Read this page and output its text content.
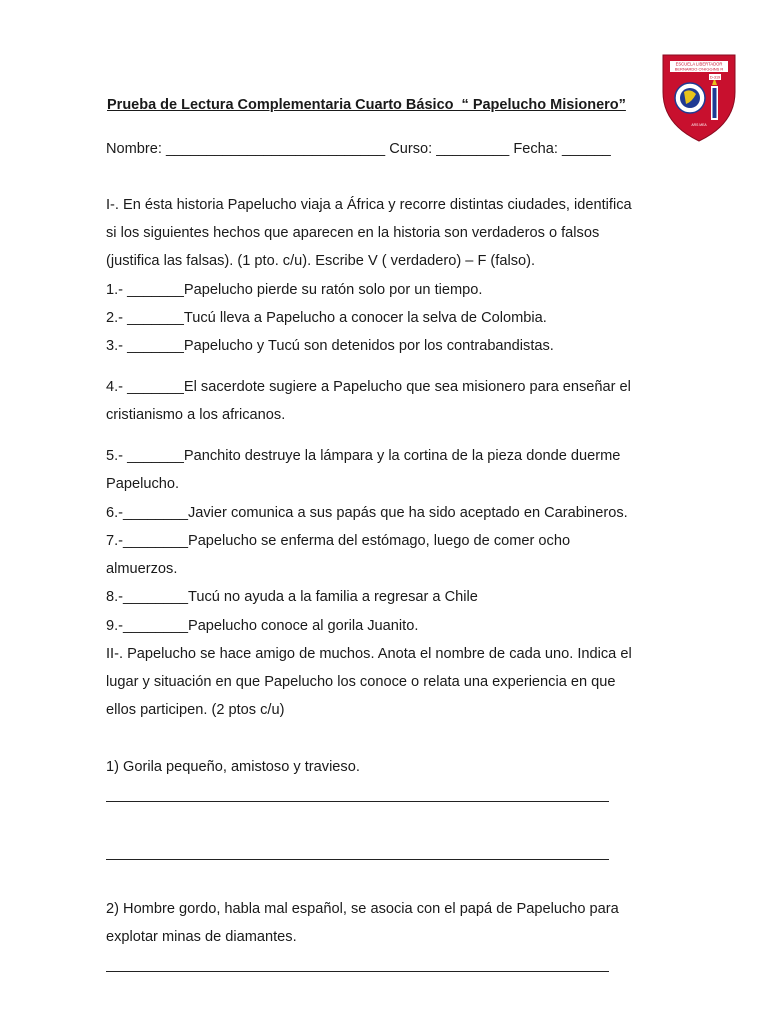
ESCUELA LIBERTADOR
BERNARDO O'HIGGINS R
D-319
ARS MEA
Prueba de Lectura Complementaria Cuarto Básico  “ Papelucho Misionero”
Nombre: ___________________________ Curso: _________ Fecha: ______
I-. En ésta historia Papelucho viaja a África y recorre distintas ciudades, identifica
si los siguientes hechos que aparecen en la historia son verdaderos o falsos
(justifica las falsas). (1 pto. c/u). Escribe V ( verdadero) – F (falso).
1.- _______Papelucho pierde su ratón solo por un tiempo.
2.- _______Tucú lleva a Papelucho a conocer la selva de Colombia.
3.- _______Papelucho y Tucú son detenidos por los contrabandistas.
4.- _______El sacerdote sugiere a Papelucho que sea misionero para enseñar el
cristianismo a los africanos.
5.- _______Panchito destruye la lámpara y la cortina de la pieza donde duerme
Papelucho.
6.-________Javier comunica a sus papás que ha sido aceptado en Carabineros.
7.-________Papelucho se enferma del estómago, luego de comer ocho
almuerzos.
8.-________Tucú no ayuda a la familia a regresar a Chile
9.-________Papelucho conoce al gorila Juanito.
II-. Papelucho se hace amigo de muchos. Anota el nombre de cada uno. Indica el
lugar y situación en que Papelucho los conoce o relata una experiencia en que
ellos participen. (2 ptos c/u)
1) Gorila pequeño, amistoso y travieso.
2) Hombre gordo, habla mal español, se asocia con el papá de Papelucho para
explotar minas de diamantes.
